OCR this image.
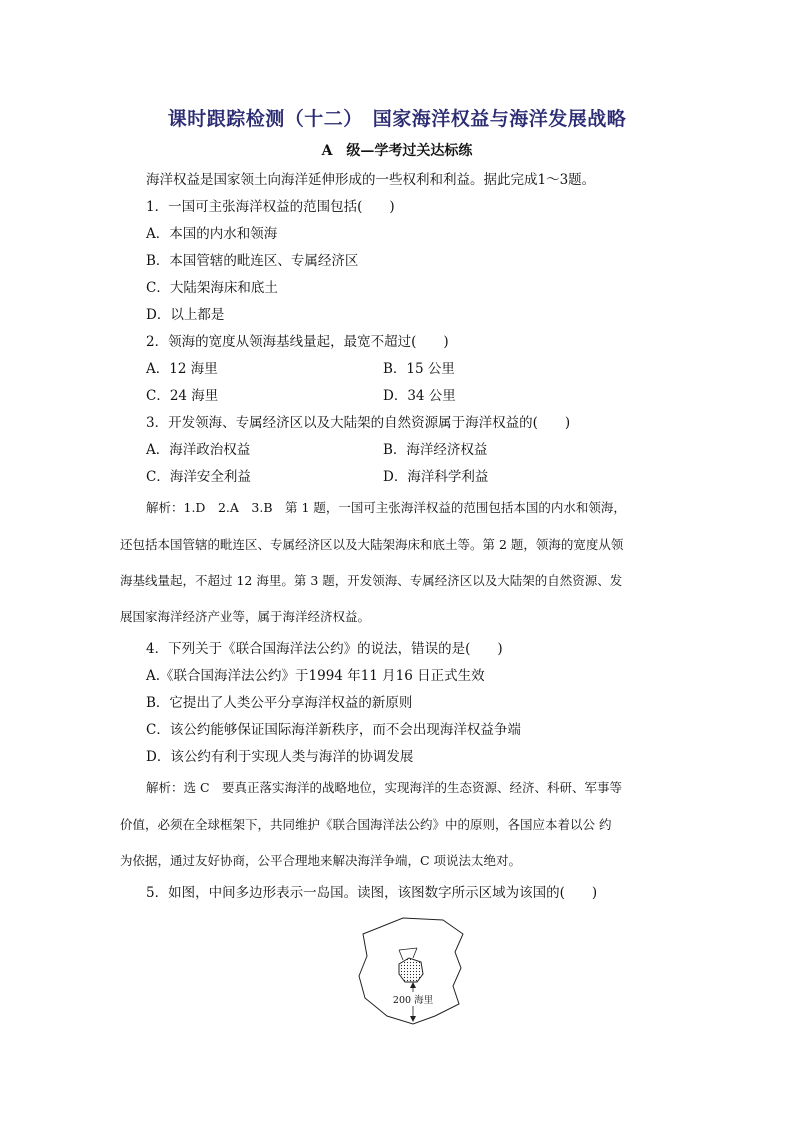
课时跟踪检测（十二）　国家海洋权益与海洋发展战略
A　级—学考过关达标练
海洋权益是国家领土向海洋延伸形成的一些权利和利益。据此完成1～3题。
1．一国可主张海洋权益的范围包括(　　)
A．本国的内水和领海
B．本国管辖的毗连区、专属经济区
C．大陆架海床和底土
D．以上都是
2．领海的宽度从领海基线量起，最宽不超过(　　)
A．12 海里	B．15 公里
C．24 海里	D．34 公里
3．开发领海、专属经济区以及大陆架的自然资源属于海洋权益的(　　)
A．海洋政治权益	B．海洋经济权益
C．海洋安全利益	D．海洋科学利益
解析：1.D　2.A　3.B　第 1 题，一国可主张海洋权益的范围包括本国的内水和领海，
还包括本国管辖的毗连区、专属经济区以及大陆架海床和底土等。第 2 题，领海的宽度从领
海基线量起，不超过 12 海里。第 3 题，开发领海、专属经济区以及大陆架的自然资源、发
展国家海洋经济产业等，属于海洋经济权益。
4．下列关于《联合国海洋法公约》的说法，错误的是(　　)
A.《联合国海洋法公约》于1994 年11 月16 日正式生效
B．它提出了人类公平分享海洋权益的新原则
C．该公约能够保证国际海洋新秩序，而不会出现海洋权益争端
D．该公约有利于实现人类与海洋的协调发展
解析：选 C　要真正落实海洋的战略地位，实现海洋的生态资源、经济、科研、军事等
价值，必须在全球框架下，共同维护《联合国海洋法公约》中的原则，各国应本着以公 约
为依据，通过友好协商，公平合理地来解决海洋争端，C 项说法太绝对。
5．如图，中间多边形表示一岛国。读图，该图数字所示区域为该国的(　　)
200 海里
